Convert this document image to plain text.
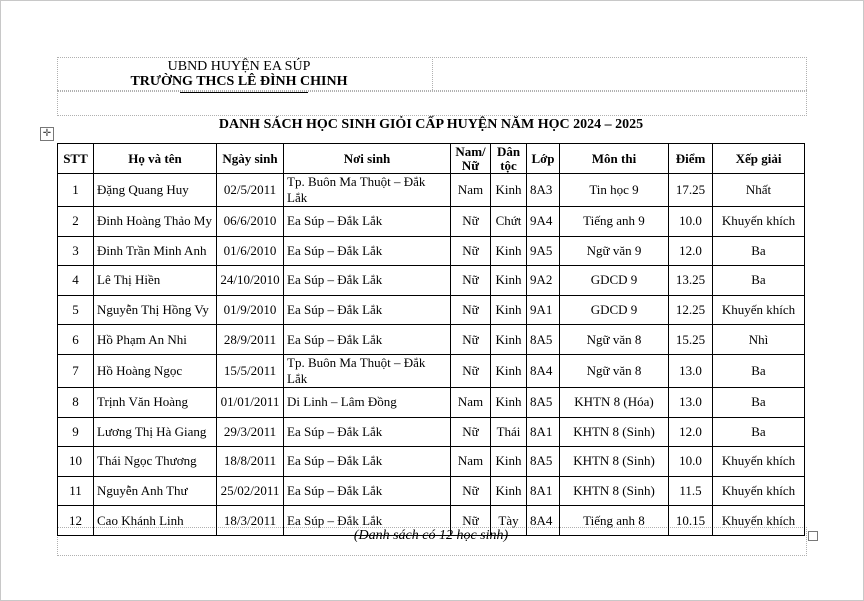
UBND HUYỆN EA SÚP
TRƯỜNG THCS LÊ ĐÌNH CHINH
✛
DANH SÁCH HỌC SINH GIỎI CẤP HUYỆN NĂM HỌC 2024 – 2025
STT	Họ và tên	Ngày sinh	Nơi sinh	Nam/ Nữ	Dân tộc	Lớp	Môn thi	Điểm	Xếp giải
1	Đặng Quang Huy	02/5/2011	Tp. Buôn Ma Thuột – Đắk Lắk	Nam	Kinh	8A3	Tin học 9	17.25	Nhất
2	Đinh Hoàng Thảo My	06/6/2010	Ea Súp – Đắk Lắk	Nữ	Chứt	9A4	Tiếng anh 9	10.0	Khuyến khích
3	Đinh Trần Minh Anh	01/6/2010	Ea Súp – Đắk Lắk	Nữ	Kinh	9A5	Ngữ văn 9	12.0	Ba
4	Lê Thị Hiền	24/10/2010	Ea Súp – Đắk Lắk	Nữ	Kinh	9A2	GDCD 9	13.25	Ba
5	Nguyễn Thị Hồng Vy	01/9/2010	Ea Súp – Đắk Lắk	Nữ	Kinh	9A1	GDCD 9	12.25	Khuyến khích
6	Hồ Phạm An Nhi	28/9/2011	Ea Súp – Đắk Lắk	Nữ	Kinh	8A5	Ngữ văn 8	15.25	Nhì
7	Hồ Hoàng Ngọc	15/5/2011	Tp. Buôn Ma Thuột – Đắk Lắk	Nữ	Kinh	8A4	Ngữ văn 8	13.0	Ba
8	Trịnh Văn Hoàng	01/01/2011	Di Linh – Lâm Đồng	Nam	Kinh	8A5	KHTN 8 (Hóa)	13.0	Ba
9	Lương Thị Hà Giang	29/3/2011	Ea Súp – Đắk Lắk	Nữ	Thái	8A1	KHTN 8 (Sinh)	12.0	Ba
10	Thái Ngọc Thương	18/8/2011	Ea Súp – Đắk Lắk	Nam	Kinh	8A5	KHTN 8 (Sinh)	10.0	Khuyến khích
11	Nguyễn Anh Thư	25/02/2011	Ea Súp – Đắk Lắk	Nữ	Kinh	8A1	KHTN 8 (Sinh)	11.5	Khuyến khích
12	Cao Khánh Linh	18/3/2011	Ea Súp – Đắk Lắk	Nữ	Tày	8A4	Tiếng anh 8	10.15	Khuyến khích
(Danh sách có 12 học sinh)
